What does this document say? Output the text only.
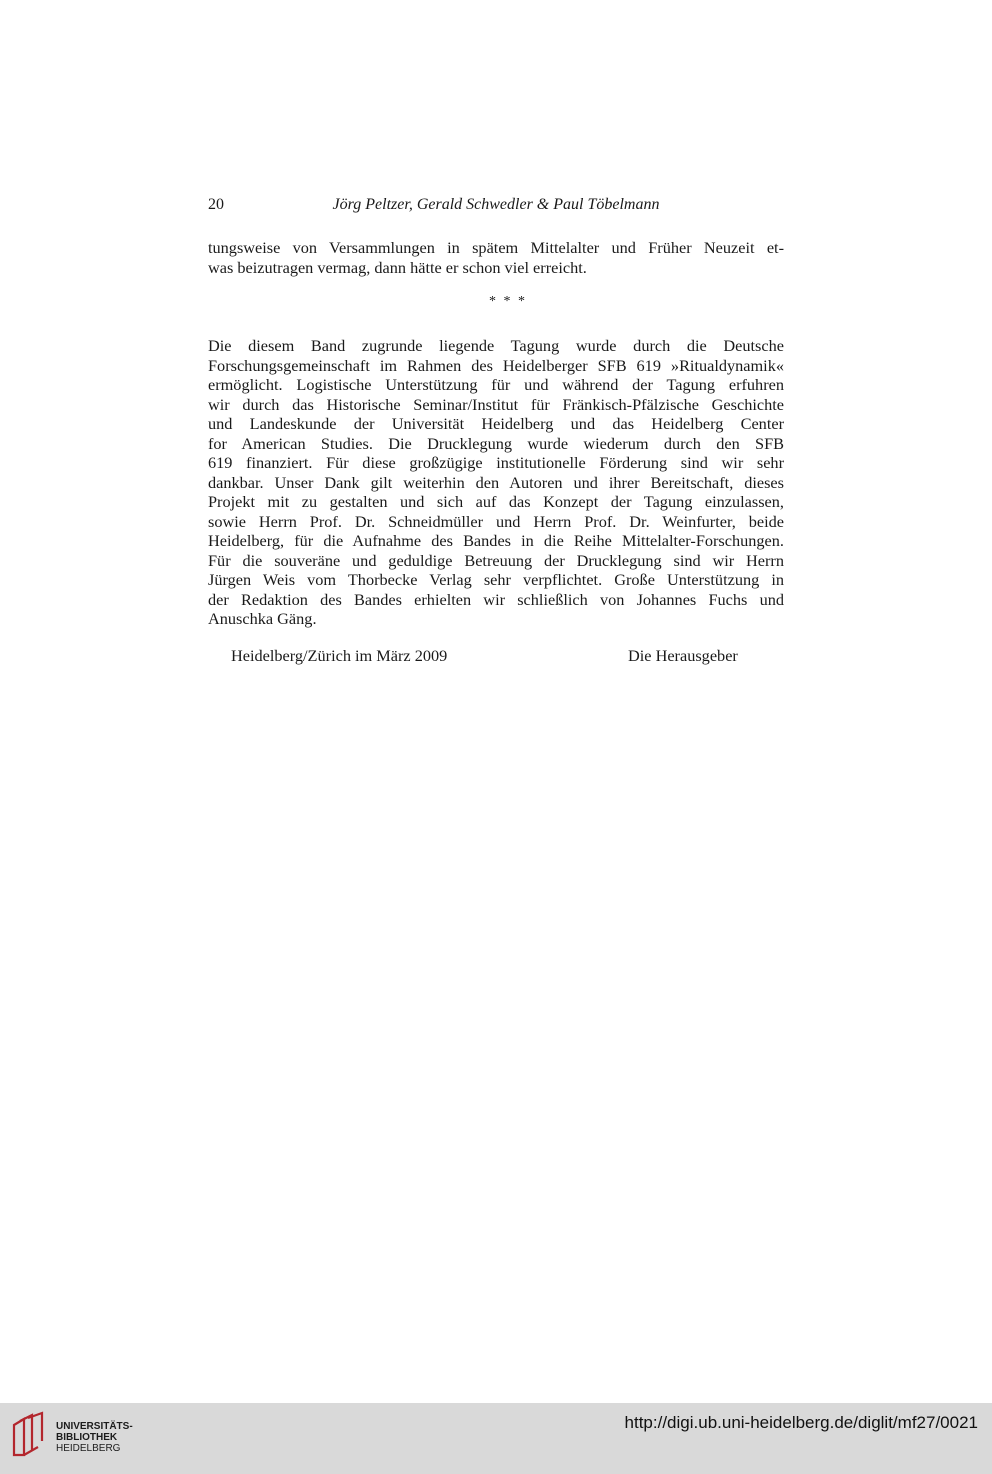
20	Jörg Peltzer, Gerald Schwedler & Paul Töbelmann
tungsweise von Versammlungen in spätem Mittelalter und Früher Neuzeit et-
was beizutragen vermag, dann hätte er schon viel erreicht.
* * *
Die diesem Band zugrunde liegende Tagung wurde durch die Deutsche
Forschungsgemeinschaft im Rahmen des Heidelberger SFB 619 »Ritualdynamik«
ermöglicht. Logistische Unterstützung für und während der Tagung erfuhren
wir durch das Historische Seminar/Institut für Fränkisch-Pfälzische Geschichte
und Landeskunde der Universität Heidelberg und das Heidelberg Center
for American Studies. Die Drucklegung wurde wiederum durch den SFB
619 finanziert. Für diese großzügige institutionelle Förderung sind wir sehr
dankbar. Unser Dank gilt weiterhin den Autoren und ihrer Bereitschaft, dieses
Projekt mit zu gestalten und sich auf das Konzept der Tagung einzulassen,
sowie Herrn Prof. Dr. Schneidmüller und Herrn Prof. Dr. Weinfurter, beide
Heidelberg, für die Aufnahme des Bandes in die Reihe Mittelalter-Forschungen.
Für die souveräne und geduldige Betreuung der Drucklegung sind wir Herrn
Jürgen Weis vom Thorbecke Verlag sehr verpflichtet. Große Unterstützung in
der Redaktion des Bandes erhielten wir schließlich von Johannes Fuchs und
Anuschka Gäng.
Heidelberg/Zürich im März 2009	Die Herausgeber
UNIVERSITÄTS-
BIBLIOTHEK
HEIDELBERG
http://digi.ub.uni-heidelberg.de/diglit/mf27/0021
